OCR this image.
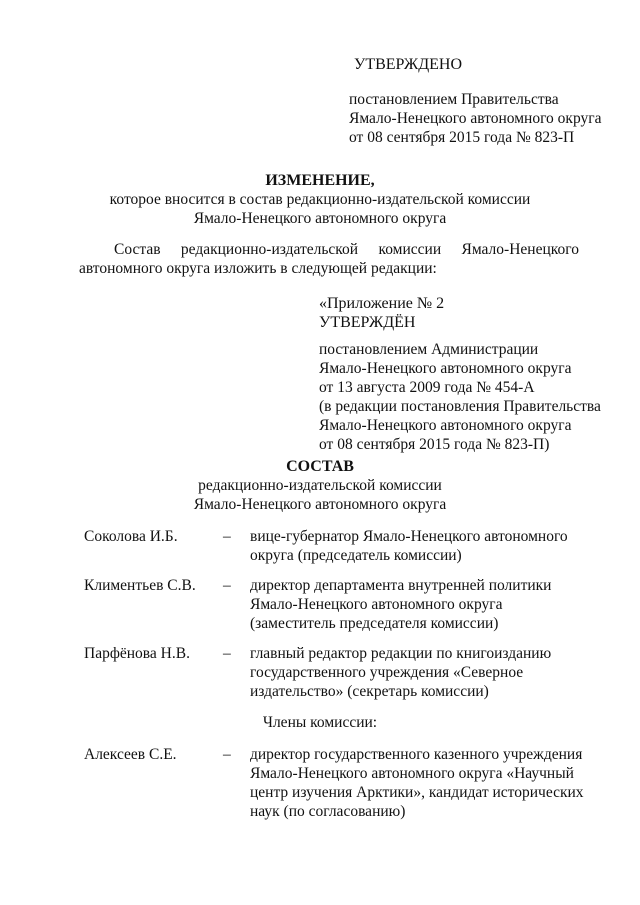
УТВЕРЖДЕНО
постановлением Правительства
Ямало-Ненецкого автономного округа
от 08 сентября 2015 года № 823-П
ИЗМЕНЕНИЕ,
которое вносится в состав редакционно-издательской комиссии
Ямало-Ненецкого автономного округа
Состав редакционно-издательской комиссии Ямало-Ненецкого
автономного округа изложить в следующей редакции:
«Приложение № 2
УТВЕРЖДЁН
постановлением Администрации
Ямало-Ненецкого автономного округа
от 13 августа 2009 года № 454-А
(в редакции постановления Правительства
Ямало-Ненецкого автономного округа
от 08 сентября 2015 года № 823-П)
СОСТАВ
редакционно-издательской комиссии
Ямало-Ненецкого автономного округа
Соколова И.Б.	– вице-губернатор Ямало-Ненецкого автономного
округа (председатель комиссии)
Климентьев С.В. – директор департамента внутренней политики
Ямало-Ненецкого автономного округа
(заместитель председателя комиссии)
Парфёнова Н.В. – главный редактор редакции по книгоизданию
государственного учреждения «Северное
издательство» (секретарь комиссии)
Члены комиссии:
Алексеев С.Е.	– директор государственного казенного учреждения
Ямало-Ненецкого автономного округа «Научный
центр изучения Арктики», кандидат исторических
наук (по согласованию)
